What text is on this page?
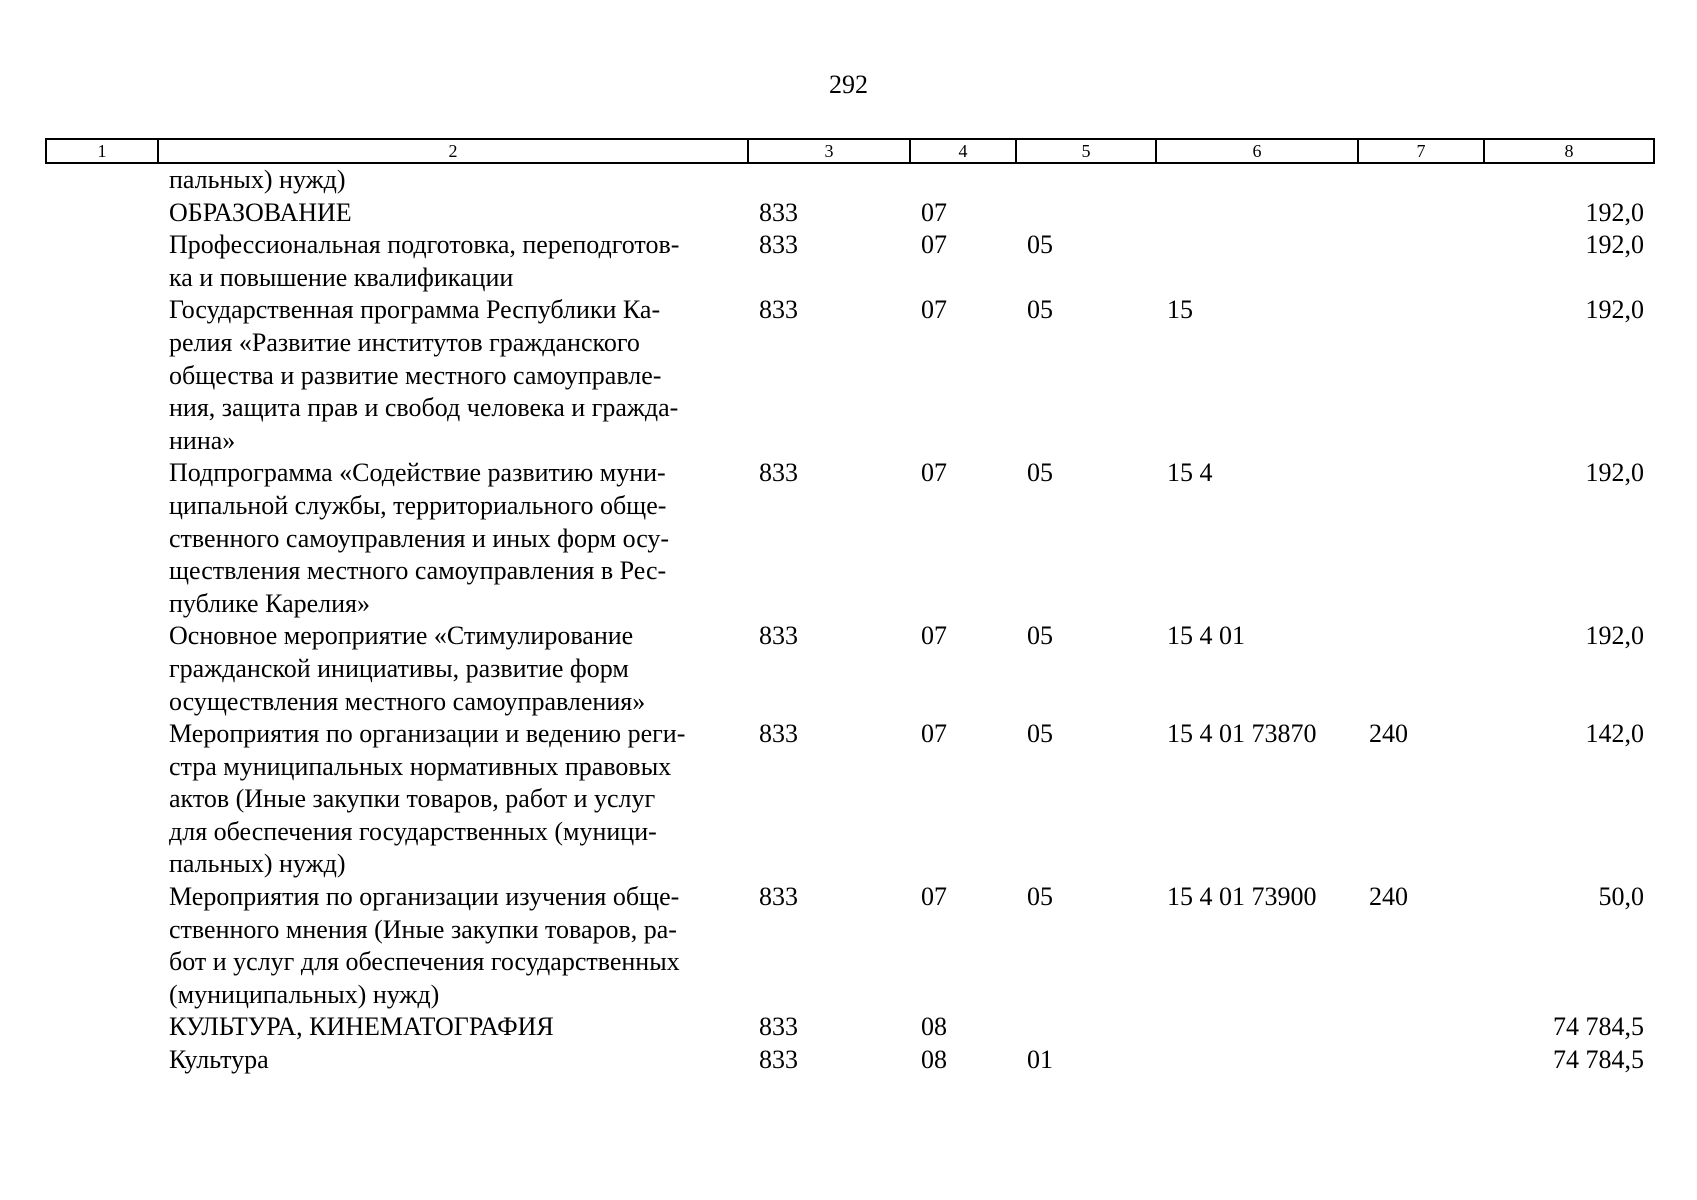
292
1	2	3	4	5	6	7	8
	пальных) нужд)						
	ОБРАЗОВАНИЕ	833	07				192,0
	Профессиональная подготовка, переподготов-
ка и повышение квалификации	833	07	05			192,0
	Государственная программа Республики Ка-
релия «Развитие институтов гражданского
общества и развитие местного самоуправле-
ния, защита прав и свобод человека и гражда-
нина»	833	07	05	15		192,0
	Подпрограмма «Содействие развитию муни-
ципальной службы, территориального обще-
ственного самоуправления и иных форм осу-
ществления местного самоуправления в Рес-
публике Карелия»	833	07	05	15 4		192,0
	Основное мероприятие «Стимулирование
гражданской инициативы, развитие форм
осуществления местного самоуправления»	833	07	05	15 4 01		192,0
	Мероприятия по организации и ведению реги-
стра муниципальных нормативных правовых
актов (Иные закупки товаров, работ и услуг
для обеспечения государственных (муници-
пальных) нужд)	833	07	05	15 4 01 73870	240	142,0
	Мероприятия по организации изучения обще-
ственного мнения (Иные закупки товаров, ра-
бот и услуг для обеспечения государственных
(муниципальных) нужд)	833	07	05	15 4 01 73900	240	50,0
	КУЛЬТУРА, КИНЕМАТОГРАФИЯ	833	08				74 784,5
	Культура	833	08	01			74 784,5
